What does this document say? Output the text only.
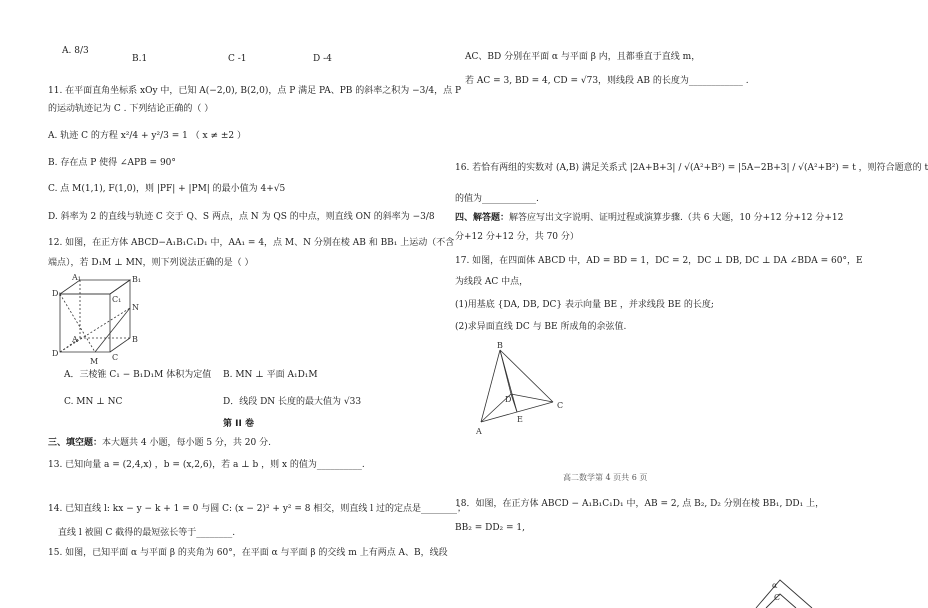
A. 8/3
B.1	C -1	D -4
11. 在平面直角坐标系 xOy 中，已知 A(−2,0), B(2,0)，点 P 满足 PA、PB 的斜率之积为 −3/4，点 P
的运动轨迹记为 C . 下列结论正确的（ ）
A. 轨迹 C 的方程 x²/4 + y²/3 = 1 （ x ≠ ±2 ）
B. 存在点 P 使得 ∠APB = 90°
C. 点 M(1,1), F(1,0)，则 |PF| + |PM| 的最小值为 4+√5
D. 斜率为 2 的直线与轨迹 C 交于 Q、S 两点，点 N 为 QS 的中点，则直线 ON 的斜率为 −3/8
12. 如图，在正方体 ABCD−A₁B₁C₁D₁ 中，AA₁ = 4，点 M、N 分别在棱 AB 和 BB₁ 上运动（不含
端点），若 D₁M ⊥ MN，则下列说法正确的是（ ）
D₁
C₁
A₁	B₁
D	C
A	B
M
N
A．三棱锥 C₁ − B₁D₁M 体积为定值 B. MN ⊥ 平面 A₁D₁M
C. MN ⊥ NC	D．线段 DN 长度的最大值为 √33
第 II 卷
三、填空题：本大题共 4 小题，每小题 5 分，共 20 分.
13. 已知向量 a = (2,4,x) ，b = (x,2,6)，若 a ⊥ b ，则 x 的值为__________.
14. 已知直线 l: kx − y − k + 1 = 0 与圆 C: (x − 2)² + y² = 8 相交，则直线 l 过的定点是________；
直线 l 被圆 C 截得的最短弦长等于________.
15. 如图，已知平面 α 与平面 β 的夹角为 60°，在平面 α 与平面 β 的交线 m 上有两点 A、B，线段
AC、BD 分别在平面 α 与平面 β 内，且都垂直于直线 m，
若 AC = 3, BD = 4, CD = √73，则线段 AB 的长度为____________ .
16. 若恰有两组的实数对 (A,B) 满足关系式 |2A+B+3| / √(A²+B²) = |5A−2B+3| / √(A²+B²) = t ，则符合题意的 t
的值为____________.
四、解答题：解答应写出文字说明、证明过程或演算步骤.（共 6 大题，10 分+12 分+12 分+12
分+12 分+12 分，共 70 分）
17. 如图，在四面体 ABCD 中，AD = BD = 1，DC = 2，DC ⊥ DB, DC ⊥ DA ∠BDA = 60°，E
为线段 AC 中点，
(1)用基底 {DA, DB, DC} 表示向量 BE ，并求线段 BE 的长度;
(2)求异面直线 DC 与 BE 所成角的余弦值.
B
D
E
C
A
高二数学第 4 页共 6 页
18．如图，在正方体 ABCD − A₁B₁C₁D₁ 中，AB = 2, 点 B₂, D₂ 分别在棱 BB₁, DD₁ 上，
BB₂ = DD₂ = 1,
α
C
